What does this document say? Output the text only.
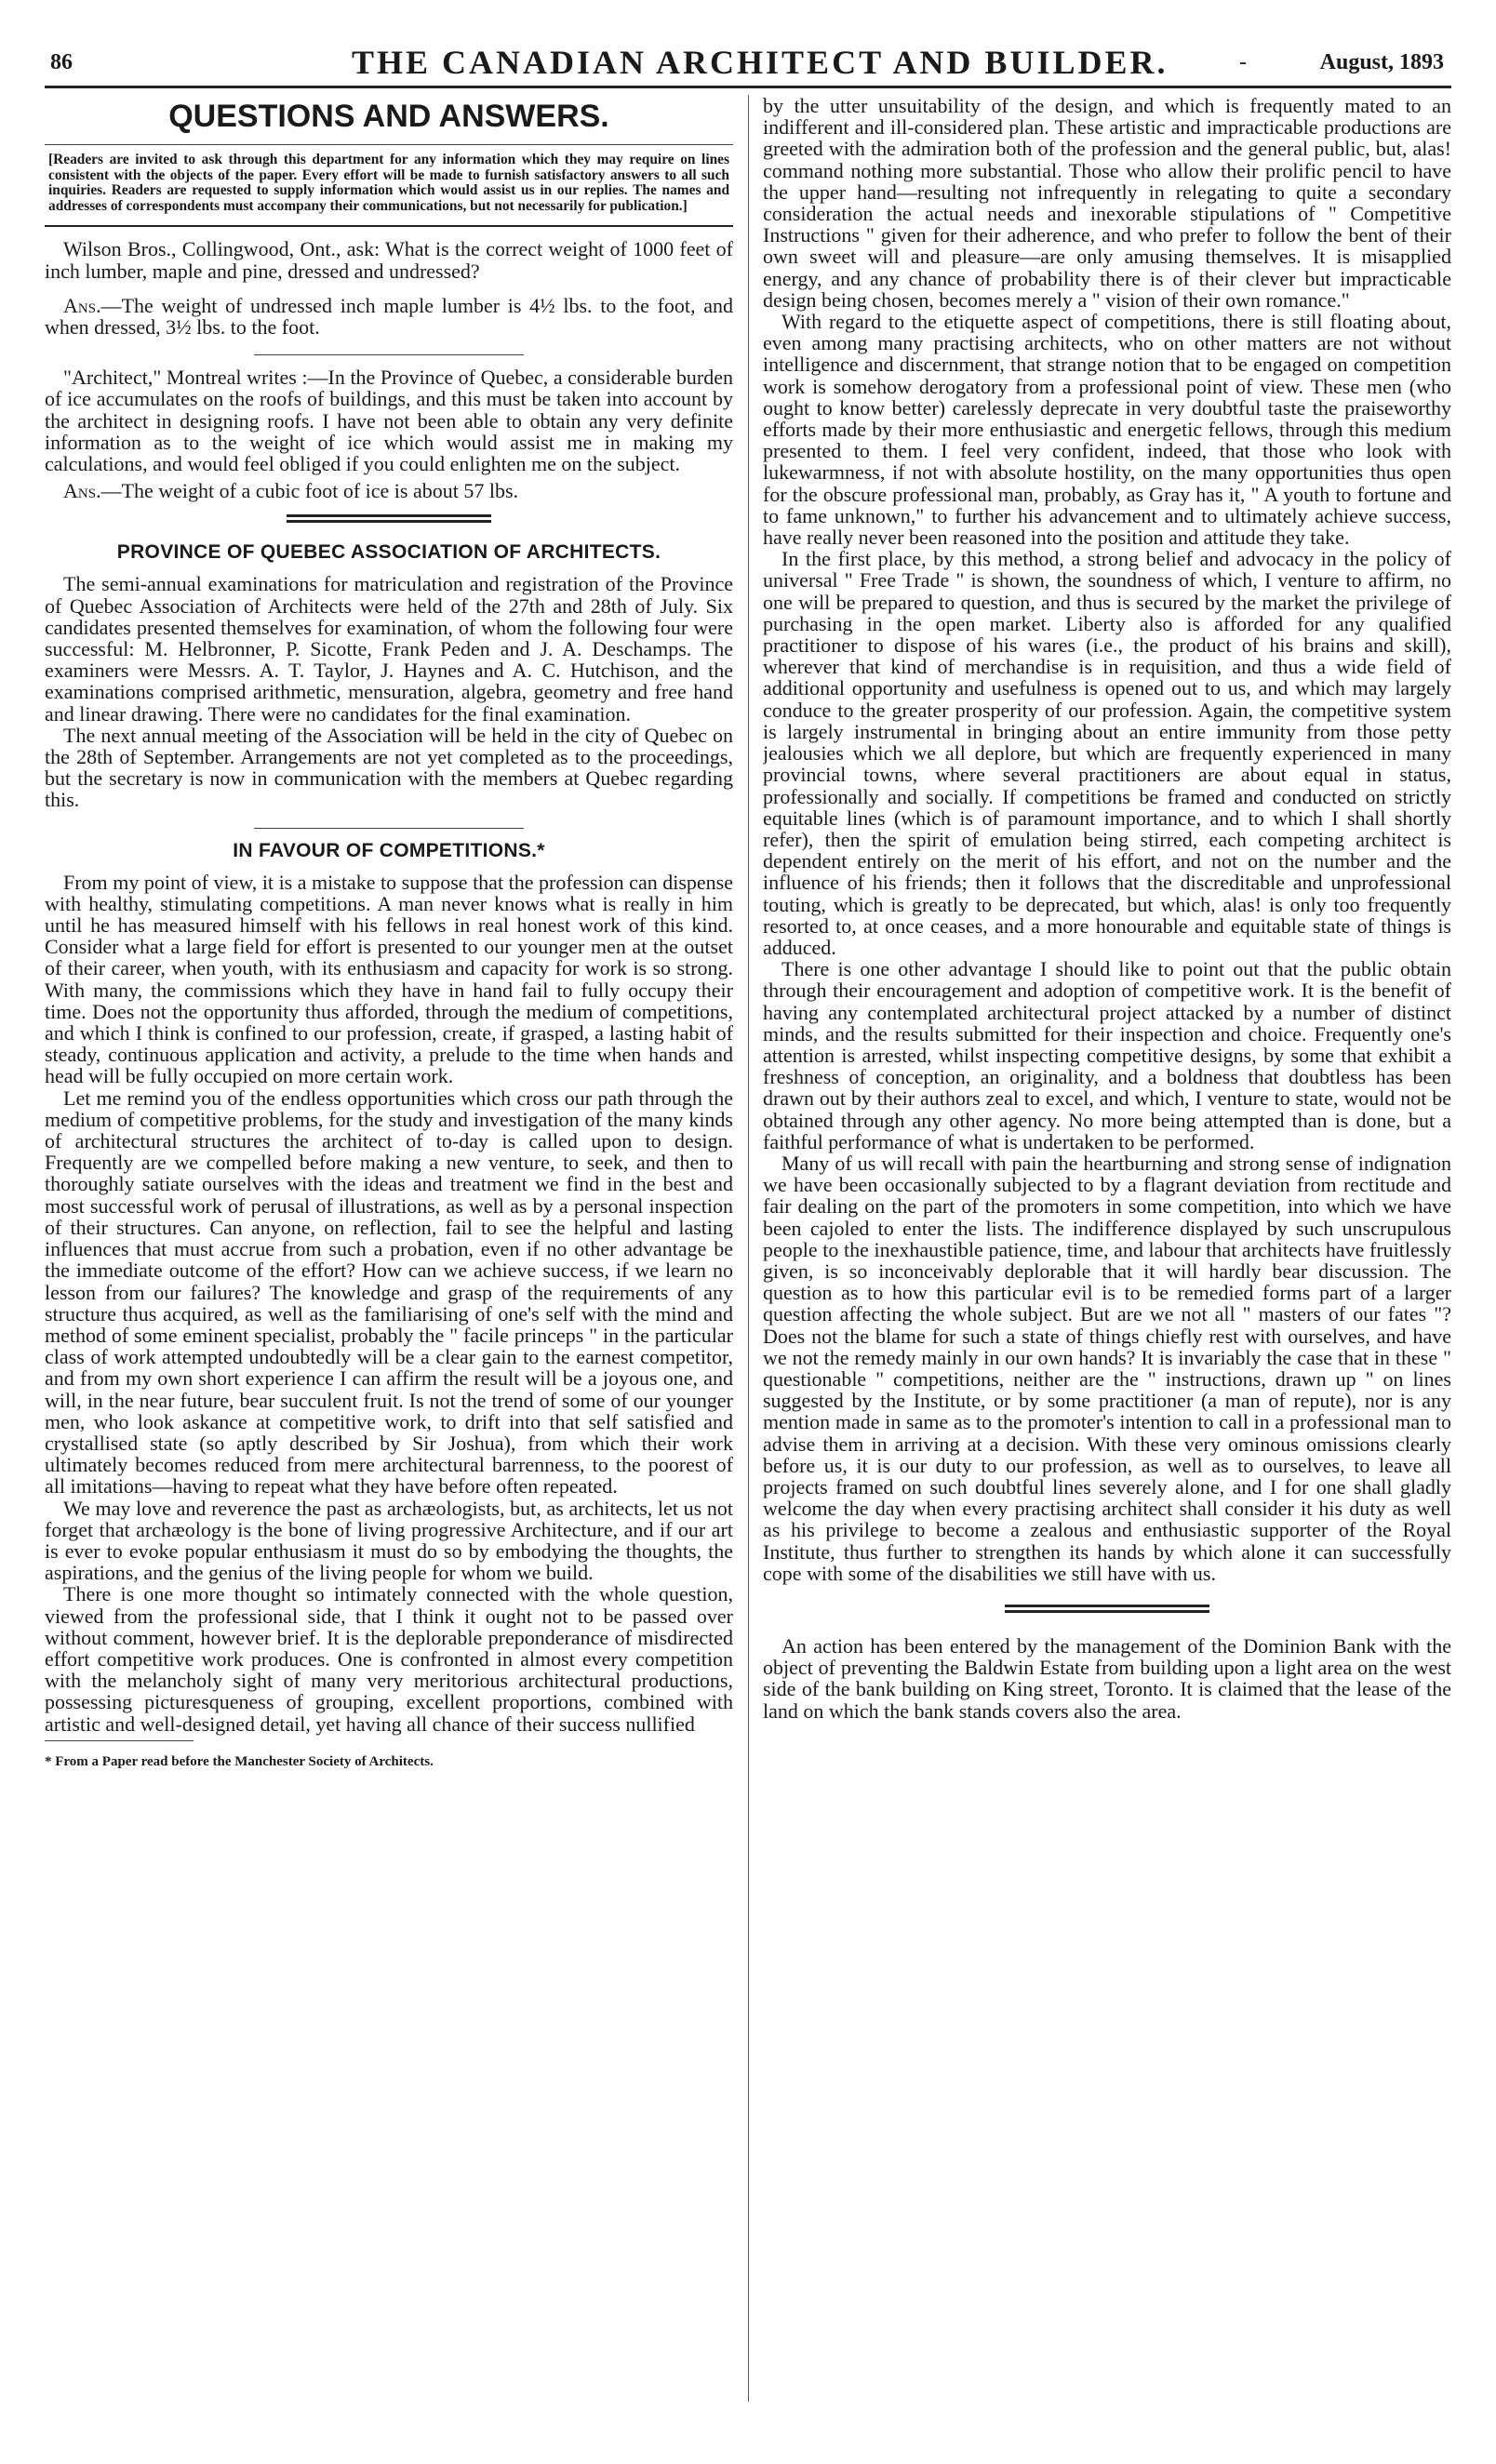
86	THE CANADIAN ARCHITECT AND BUILDER.	-	August, 1893
QUESTIONS AND ANSWERS.
[Readers are invited to ask through this department for any information which they may require on lines consistent with the objects of the paper. Every effort will be made to furnish satisfactory answers to all such inquiries. Readers are requested to supply information which would assist us in our replies. The names and addresses of correspondents must accompany their communications, but not necessarily for publication.]

Wilson Bros., Collingwood, Ont., ask: What is the correct weight of 1000 feet of inch lumber, maple and pine, dressed and undressed?

Ans.—The weight of undressed inch maple lumber is 4½ lbs. to the foot, and when dressed, 3½ lbs. to the foot.

"Architect," Montreal writes :—In the Province of Quebec, a considerable burden of ice accumulates on the roofs of buildings, and this must be taken into account by the architect in designing roofs. I have not been able to obtain any very definite information as to the weight of ice which would assist me in making my calculations, and would feel obliged if you could enlighten me on the subject.

Ans.—The weight of a cubic foot of ice is about 57 lbs.

PROVINCE OF QUEBEC ASSOCIATION OF ARCHITECTS.

The semi-annual examinations for matriculation and registration of the Province of Quebec Association of Architects were held of the 27th and 28th of July. Six candidates presented themselves for examination, of whom the following four were successful: M. Helbronner, P. Sicotte, Frank Peden and J. A. Deschamps. The examiners were Messrs. A. T. Taylor, J. Haynes and A. C. Hutchison, and the examinations comprised arithmetic, mensuration, algebra, geometry and free hand and linear drawing. There were no candidates for the final examination.

The next annual meeting of the Association will be held in the city of Quebec on the 28th of September. Arrangements are not yet completed as to the proceedings, but the secretary is now in communication with the members at Quebec regarding this.

IN FAVOUR OF COMPETITIONS.*

From my point of view, it is a mistake to suppose that the profession can dispense with healthy, stimulating competitions. A man never knows what is really in him until he has measured himself with his fellows in real honest work of this kind. Consider what a large field for effort is presented to our younger men at the outset of their career, when youth, with its enthusiasm and capacity for work is so strong. With many, the commissions which they have in hand fail to fully occupy their time. Does not the opportunity thus afforded, through the medium of competitions, and which I think is confined to our profession, create, if grasped, a lasting habit of steady, continuous application and activity, a prelude to the time when hands and head will be fully occupied on more certain work.

Let me remind you of the endless opportunities which cross our path through the medium of competitive problems, for the study and investigation of the many kinds of architectural structures the architect of to-day is called upon to design. Frequently are we compelled before making a new venture, to seek, and then to thoroughly satiate ourselves with the ideas and treatment we find in the best and most successful work of perusal of illustrations, as well as by a personal inspection of their structures. Can anyone, on reflection, fail to see the helpful and lasting influences that must accrue from such a probation, even if no other advantage be the immediate outcome of the effort? How can we achieve success, if we learn no lesson from our failures? The knowledge and grasp of the requirements of any structure thus acquired, as well as the familiarising of one's self with the mind and method of some eminent specialist, probably the " facile princeps " in the particular class of work attempted undoubtedly will be a clear gain to the earnest competitor, and from my own short experience I can affirm the result will be a joyous one, and will, in the near future, bear succulent fruit. Is not the trend of some of our younger men, who look askance at competitive work, to drift into that self satisfied and crystallised state (so aptly described by Sir Joshua), from which their work ultimately becomes reduced from mere architectural barrenness, to the poorest of all imitations—having to repeat what they have before often repeated.

We may love and reverence the past as archæologists, but, as architects, let us not forget that archæology is the bone of living progressive Architecture, and if our art is ever to evoke popular enthusiasm it must do so by embodying the thoughts, the aspirations, and the genius of the living people for whom we build.

There is one more thought so intimately connected with the whole question, viewed from the professional side, that I think it ought not to be passed over without comment, however brief. It is the deplorable preponderance of misdirected effort competitive work produces. One is confronted in almost every competition with the melancholy sight of many very meritorious architectural productions, possessing picturesqueness of grouping, excellent proportions, combined with artistic and well-designed detail, yet having all chance of their success nullified

* From a Paper read before the Manchester Society of Architects.

by the utter unsuitability of the design, and which is frequently mated to an indifferent and ill-considered plan. These artistic and impracticable productions are greeted with the admiration both of the profession and the general public, but, alas! command nothing more substantial. Those who allow their prolific pencil to have the upper hand—resulting not infrequently in relegating to quite a secondary consideration the actual needs and inexorable stipulations of " Competitive Instructions " given for their adherence, and who prefer to follow the bent of their own sweet will and pleasure—are only amusing themselves. It is misapplied energy, and any chance of probability there is of their clever but impracticable design being chosen, becomes merely a " vision of their own romance."

With regard to the etiquette aspect of competitions, there is still floating about, even among many practising architects, who on other matters are not without intelligence and discernment, that strange notion that to be engaged on competition work is somehow derogatory from a professional point of view. These men (who ought to know better) carelessly deprecate in very doubtful taste the praiseworthy efforts made by their more enthusiastic and energetic fellows, through this medium presented to them. I feel very confident, indeed, that those who look with lukewarmness, if not with absolute hostility, on the many opportunities thus open for the obscure professional man, probably, as Gray has it, " A youth to fortune and to fame unknown," to further his advancement and to ultimately achieve success, have really never been reasoned into the position and attitude they take.

In the first place, by this method, a strong belief and advocacy in the policy of universal " Free Trade " is shown, the soundness of which, I venture to affirm, no one will be prepared to question, and thus is secured by the market the privilege of purchasing in the open market. Liberty also is afforded for any qualified practitioner to dispose of his wares (i.e., the product of his brains and skill), wherever that kind of merchandise is in requisition, and thus a wide field of additional opportunity and usefulness is opened out to us, and which may largely conduce to the greater prosperity of our profession. Again, the competitive system is largely instrumental in bringing about an entire immunity from those petty jealousies which we all deplore, but which are frequently experienced in many provincial towns, where several practitioners are about equal in status, professionally and socially. If competitions be framed and conducted on strictly equitable lines (which is of paramount importance, and to which I shall shortly refer), then the spirit of emulation being stirred, each competing architect is dependent entirely on the merit of his effort, and not on the number and the influence of his friends; then it follows that the discreditable and unprofessional touting, which is greatly to be deprecated, but which, alas! is only too frequently resorted to, at once ceases, and a more honourable and equitable state of things is adduced.

There is one other advantage I should like to point out that the public obtain through their encouragement and adoption of competitive work. It is the benefit of having any contemplated architectural project attacked by a number of distinct minds, and the results submitted for their inspection and choice. Frequently one's attention is arrested, whilst inspecting competitive designs, by some that exhibit a freshness of conception, an originality, and a boldness that doubtless has been drawn out by their authors zeal to excel, and which, I venture to state, would not be obtained through any other agency. No more being attempted than is done, but a faithful performance of what is undertaken to be performed.

Many of us will recall with pain the heartburning and strong sense of indignation we have been occasionally subjected to by a flagrant deviation from rectitude and fair dealing on the part of the promoters in some competition, into which we have been cajoled to enter the lists. The indifference displayed by such unscrupulous people to the inexhaustible patience, time, and labour that architects have fruitlessly given, is so inconceivably deplorable that it will hardly bear discussion. The question as to how this particular evil is to be remedied forms part of a larger question affecting the whole subject. But are we not all " masters of our fates "? Does not the blame for such a state of things chiefly rest with ourselves, and have we not the remedy mainly in our own hands? It is invariably the case that in these " questionable " competitions, neither are the " instructions, drawn up " on lines suggested by the Institute, or by some practitioner (a man of repute), nor is any mention made in same as to the promoter's intention to call in a professional man to advise them in arriving at a decision. With these very ominous omissions clearly before us, it is our duty to our profession, as well as to ourselves, to leave all projects framed on such doubtful lines severely alone, and I for one shall gladly welcome the day when every practising architect shall consider it his duty as well as his privilege to become a zealous and enthusiastic supporter of the Royal Institute, thus further to strengthen its hands by which alone it can successfully cope with some of the disabilities we still have with us.

An action has been entered by the management of the Dominion Bank with the object of preventing the Baldwin Estate from building upon a light area on the west side of the bank building on King street, Toronto. It is claimed that the lease of the land on which the bank stands covers also the area.
